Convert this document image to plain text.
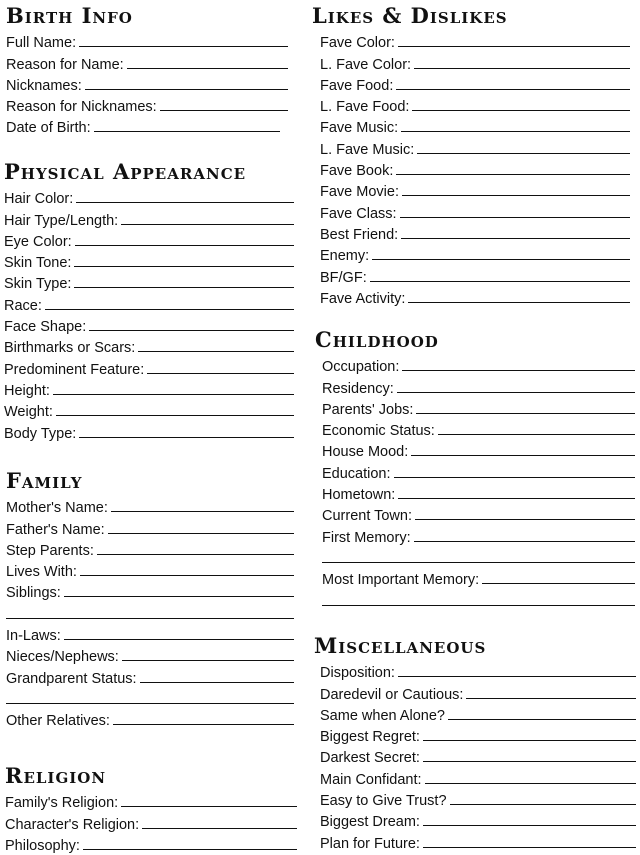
Birth Info
Full Name:
Reason for Name:
Nicknames:
Reason for Nicknames:
Date of Birth:
Physical Appearance
Hair Color:
Hair Type/Length:
Eye Color:
Skin Tone:
Skin Type:
Race:
Face Shape:
Birthmarks or Scars:
Predominent Feature:
Height:
Weight:
Body Type:
Family
Mother's Name:
Father's Name:
Step Parents:
Lives With:
Siblings:
In-Laws:
Nieces/Nephews:
Grandparent Status:
Other Relatives:
Religion
Family's Religion:
Character's Religion:
Philosophy:
Likes & Dislikes
Fave Color:
L. Fave Color:
Fave Food:
L. Fave Food:
Fave Music:
L. Fave Music:
Fave Book:
Fave Movie:
Fave Class:
Best Friend:
Enemy:
BF/GF:
Fave Activity:
Childhood
Occupation:
Residency:
Parents' Jobs:
Economic Status:
House Mood:
Education:
Hometown:
Current Town:
First Memory:
Most Important Memory:
Miscellaneous
Disposition:
Daredevil or Cautious:
Same when Alone?
Biggest Regret:
Darkest Secret:
Main Confidant:
Easy to Give Trust?
Biggest Dream:
Plan for Future:
